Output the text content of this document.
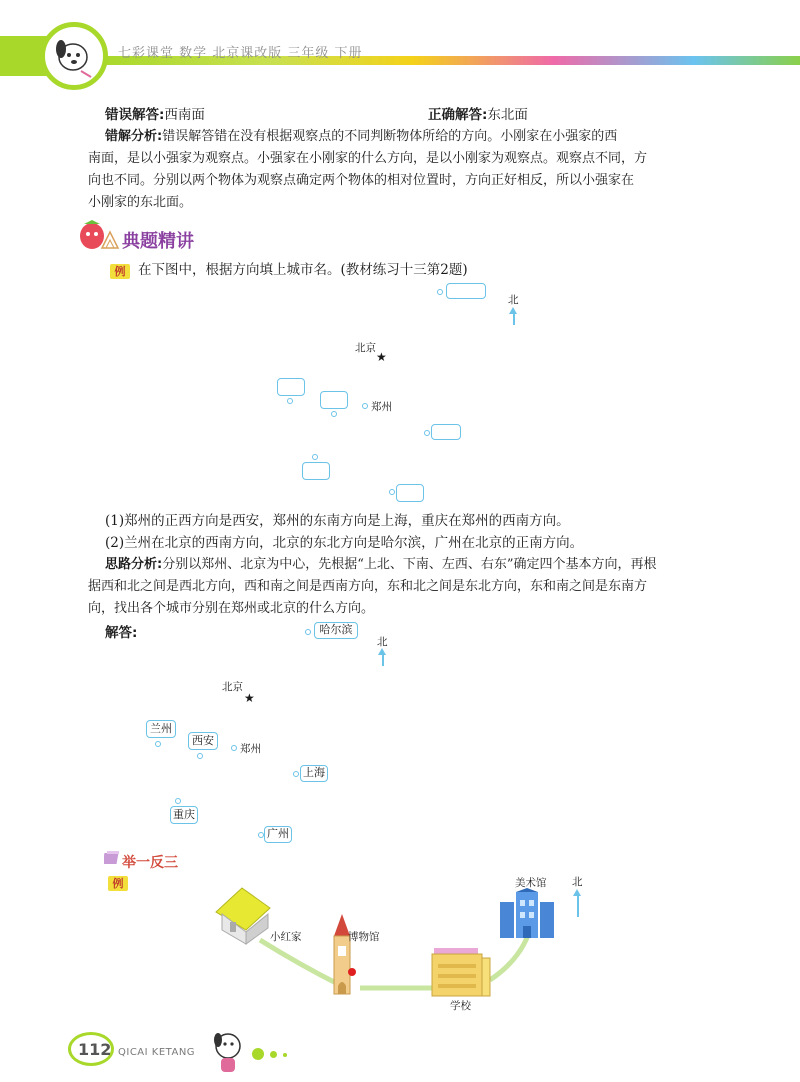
七彩课堂 数学 北京课改版 三年级 下册
错误解答:西南面	正确解答:东北面
错解分析:错误解答错在没有根据观察点的不同判断物体所给的方向。小刚家在小强家的西
南面，是以小强家为观察点。小强家在小刚家的什么方向，是以小刚家为观察点。观察点不同，方
向也不同。分别以两个物体为观察点确定两个物体的相对位置时，方向正好相反，所以小强家在
小刚家的东北面。
典题精讲
例 在下图中，根据方向填上城市名。(教材练习十三第2题)
北
北京
★
郑州
(1)郑州的正西方向是西安，郑州的东南方向是上海，重庆在郑州的西南方向。
(2)兰州在北京的西南方向，北京的东北方向是哈尔滨，广州在北京的正南方向。
思路分析:分别以郑州、北京为中心，先根据“上北、下南、左西、右东”确定四个基本方向，再根
据西和北之间是西北方向，西和南之间是西南方向，东和北之间是东北方向，东和南之间是东南方
向，找出各个城市分别在郑州或北京的什么方向。
解答:	哈尔滨
北
北京
★
兰州
西安
郑州
上海
重庆
广州
举一反三
例
小红家	博物馆
学校
美术馆 北
112 QICAI KETANG
